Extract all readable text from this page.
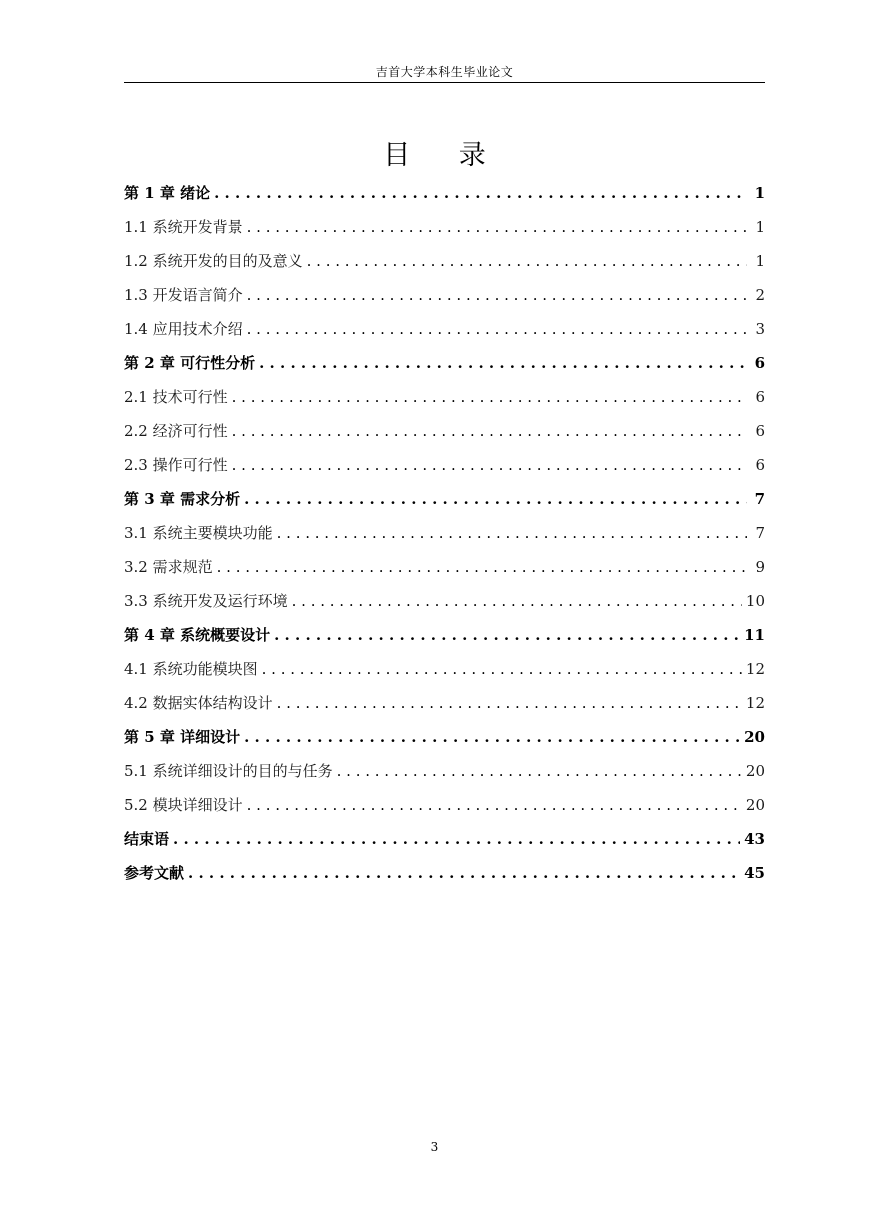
吉首大学本科生毕业论文
目 录
第 1 章 绪论 . . .	1
1.1 系统开发背景 . . .	1
1.2 系统开发的目的及意义 . . .	1
1.3 开发语言简介 . . .	2
1.4 应用技术介绍 . . .	3
第 2 章 可行性分析 . . .	6
2.1 技术可行性 . . .	6
2.2 经济可行性 . . .	6
2.3 操作可行性 . . .	6
第 3 章 需求分析 . . .	7
3.1 系统主要模块功能 . . .	7
3.2 需求规范 . . .	9
3.3 系统开发及运行环境 . . .	10
第 4 章 系统概要设计 . . .	11
4.1 系统功能模块图 . . .	12
4.2 数据实体结构设计 . . .	12
第 5 章 详细设计 . . .	20
5.1 系统详细设计的目的与任务 . . .	20
5.2 模块详细设计 . . .	20
结束语 . . .	43
参考文献 . . .	45
3
